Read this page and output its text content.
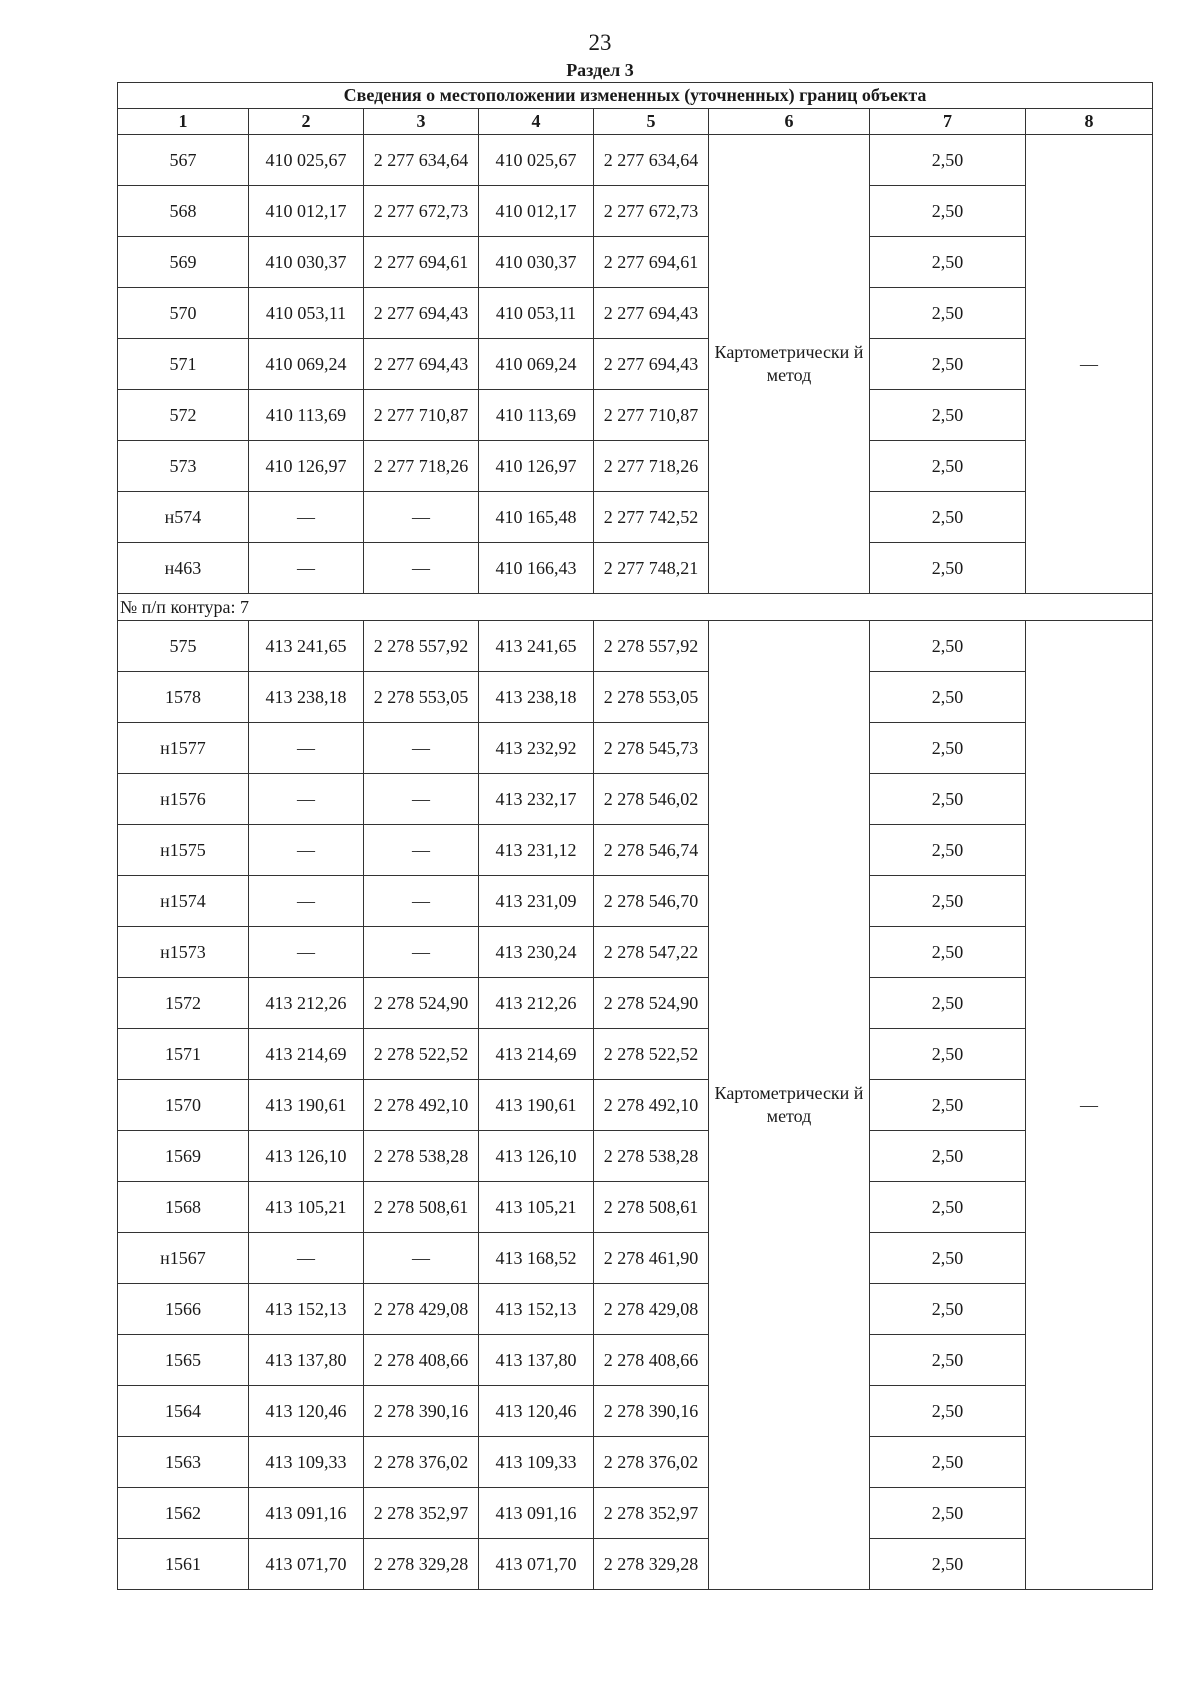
23
Раздел 3
Сведения о местоположении измененных (уточненных) границ объекта							
1	2	3	4	5	6	7	8
567	410 025,67	2 277 634,64	410 025,67	2 277 634,64	Картометрически й метод	2,50	—
568	410 012,17	2 277 672,73	410 012,17	2 277 672,73		2,50	
569	410 030,37	2 277 694,61	410 030,37	2 277 694,61		2,50	
570	410 053,11	2 277 694,43	410 053,11	2 277 694,43		2,50	
571	410 069,24	2 277 694,43	410 069,24	2 277 694,43		2,50	
572	410 113,69	2 277 710,87	410 113,69	2 277 710,87		2,50	
573	410 126,97	2 277 718,26	410 126,97	2 277 718,26		2,50	
н574	—	—	410 165,48	2 277 742,52		2,50	
н463	—	—	410 166,43	2 277 748,21		2,50	
№ п/п контура: 7							
575	413 241,65	2 278 557,92	413 241,65	2 278 557,92	Картометрически й метод	2,50	—
1578	413 238,18	2 278 553,05	413 238,18	2 278 553,05		2,50	
н1577	—	—	413 232,92	2 278 545,73		2,50	
н1576	—	—	413 232,17	2 278 546,02		2,50	
н1575	—	—	413 231,12	2 278 546,74		2,50	
н1574	—	—	413 231,09	2 278 546,70		2,50	
н1573	—	—	413 230,24	2 278 547,22		2,50	
1572	413 212,26	2 278 524,90	413 212,26	2 278 524,90		2,50	
1571	413 214,69	2 278 522,52	413 214,69	2 278 522,52		2,50	
1570	413 190,61	2 278 492,10	413 190,61	2 278 492,10		2,50	
1569	413 126,10	2 278 538,28	413 126,10	2 278 538,28		2,50	
1568	413 105,21	2 278 508,61	413 105,21	2 278 508,61		2,50	
н1567	—	—	413 168,52	2 278 461,90		2,50	
1566	413 152,13	2 278 429,08	413 152,13	2 278 429,08		2,50	
1565	413 137,80	2 278 408,66	413 137,80	2 278 408,66		2,50	
1564	413 120,46	2 278 390,16	413 120,46	2 278 390,16		2,50	
1563	413 109,33	2 278 376,02	413 109,33	2 278 376,02		2,50	
1562	413 091,16	2 278 352,97	413 091,16	2 278 352,97		2,50	
1561	413 071,70	2 278 329,28	413 071,70	2 278 329,28		2,50	
